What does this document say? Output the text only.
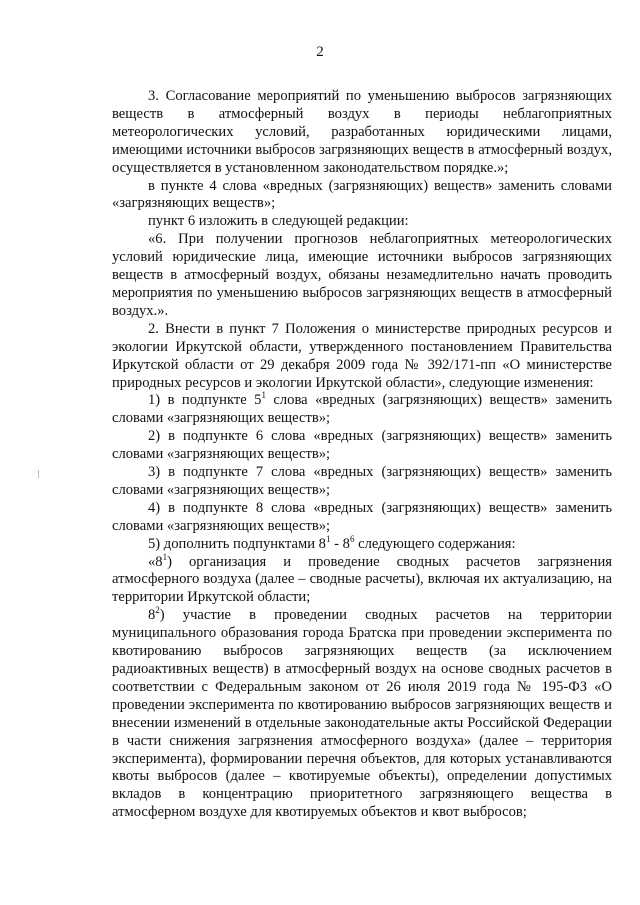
2

3. Согласование мероприятий по уменьшению выбросов загрязняющих веществ в атмосферный воздух в периоды неблагоприятных метеорологических условий, разработанных юридическими лицами, имеющими источники выбросов загрязняющих веществ в атмосферный воздух, осуществляется в установленном законодательством порядке.»;

в пункте 4 слова «вредных (загрязняющих) веществ» заменить словами «загрязняющих веществ»;

пункт 6 изложить в следующей редакции:

«6. При получении прогнозов неблагоприятных метеорологических условий юридические лица, имеющие источники выбросов загрязняющих веществ в атмосферный воздух, обязаны незамедлительно начать проводить мероприятия по уменьшению выбросов загрязняющих веществ в атмосферный воздух.».

2. Внести в пункт 7 Положения о министерстве природных ресурсов и экологии Иркутской области, утвержденного постановлением Правительства Иркутской области от 29 декабря 2009 года № 392/171-пп «О министерстве природных ресурсов и экологии Иркутской области», следующие изменения:

1) в подпункте $5^1$ слова «вредных (загрязняющих) веществ» заменить словами «загрязняющих веществ»;

2) в подпункте 6 слова «вредных (загрязняющих) веществ» заменить словами «загрязняющих веществ»;

3) в подпункте 7 слова «вредных (загрязняющих) веществ» заменить словами «загрязняющих веществ»;

4) в подпункте 8 слова «вредных (загрязняющих) веществ» заменить словами «загрязняющих веществ»;

5) дополнить подпунктами $8^1 - 8^6$ следующего содержания:

«$8^1$) организация и проведение сводных расчетов загрязнения атмосферного воздуха (далее – сводные расчеты), включая их актуализацию, на территории Иркутской области;

$8^2$) участие в проведении сводных расчетов на территории муниципального образования города Братска при проведении эксперимента по квотированию выбросов загрязняющих веществ (за исключением радиоактивных веществ) в атмосферный воздух на основе сводных расчетов в соответствии с Федеральным законом от 26 июля 2019 года № 195-ФЗ «О проведении эксперимента по квотированию выбросов загрязняющих веществ и внесении изменений в отдельные законодательные акты Российской Федерации в части снижения загрязнения атмосферного воздуха» (далее – территория эксперимента), формировании перечня объектов, для которых устанавливаются квоты выбросов (далее – квотируемые объекты), определении допустимых вкладов в концентрацию приоритетного загрязняющего вещества в атмосферном воздухе для квотируемых объектов и квот выбросов;
